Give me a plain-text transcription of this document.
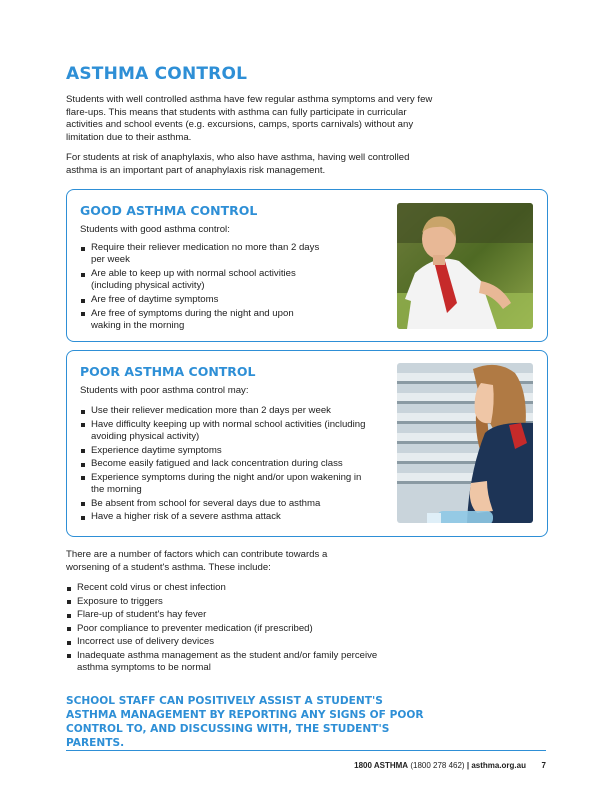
ASTHMA CONTROL
Students with well controlled asthma have few regular asthma symptoms and very few flare-ups. This means that students with asthma can fully participate in curricular activities and school events (e.g. excursions, camps, sports carnivals) without any limitation due to their asthma.
For students at risk of anaphylaxis, who also have asthma, having well controlled asthma is an important part of anaphylaxis risk management.
GOOD ASTHMA CONTROL
Students with good asthma control:
Require their reliever medication no more than 2 days per week
Are able to keep up with normal school activities (including physical activity)
Are free of daytime symptoms
Are free of symptoms during the night and upon waking in the morning
POOR ASTHMA CONTROL
Students with poor asthma control may:
Use their reliever medication more than 2 days per week
Have difficulty keeping up with normal school activities (including avoiding physical activity)
Experience daytime symptoms
Become easily fatigued and lack concentration during class
Experience symptoms during the night and/or upon wakening in the morning
Be absent from school for several days due to asthma
Have a higher risk of a severe asthma attack
There are a number of factors which can contribute towards a worsening of a student's asthma. These include:
Recent cold virus or chest infection
Exposure to triggers
Flare-up of student's hay fever
Poor compliance to preventer medication (if prescribed)
Incorrect use of delivery devices
Inadequate asthma management as the student and/or family perceive asthma symptoms to be normal
SCHOOL STAFF CAN POSITIVELY ASSIST A STUDENT'S ASTHMA MANAGEMENT BY REPORTING ANY SIGNS OF POOR CONTROL TO, AND DISCUSSING WITH, THE STUDENT'S PARENTS.
1800 ASTHMA (1800 278 462) | asthma.org.au 7
